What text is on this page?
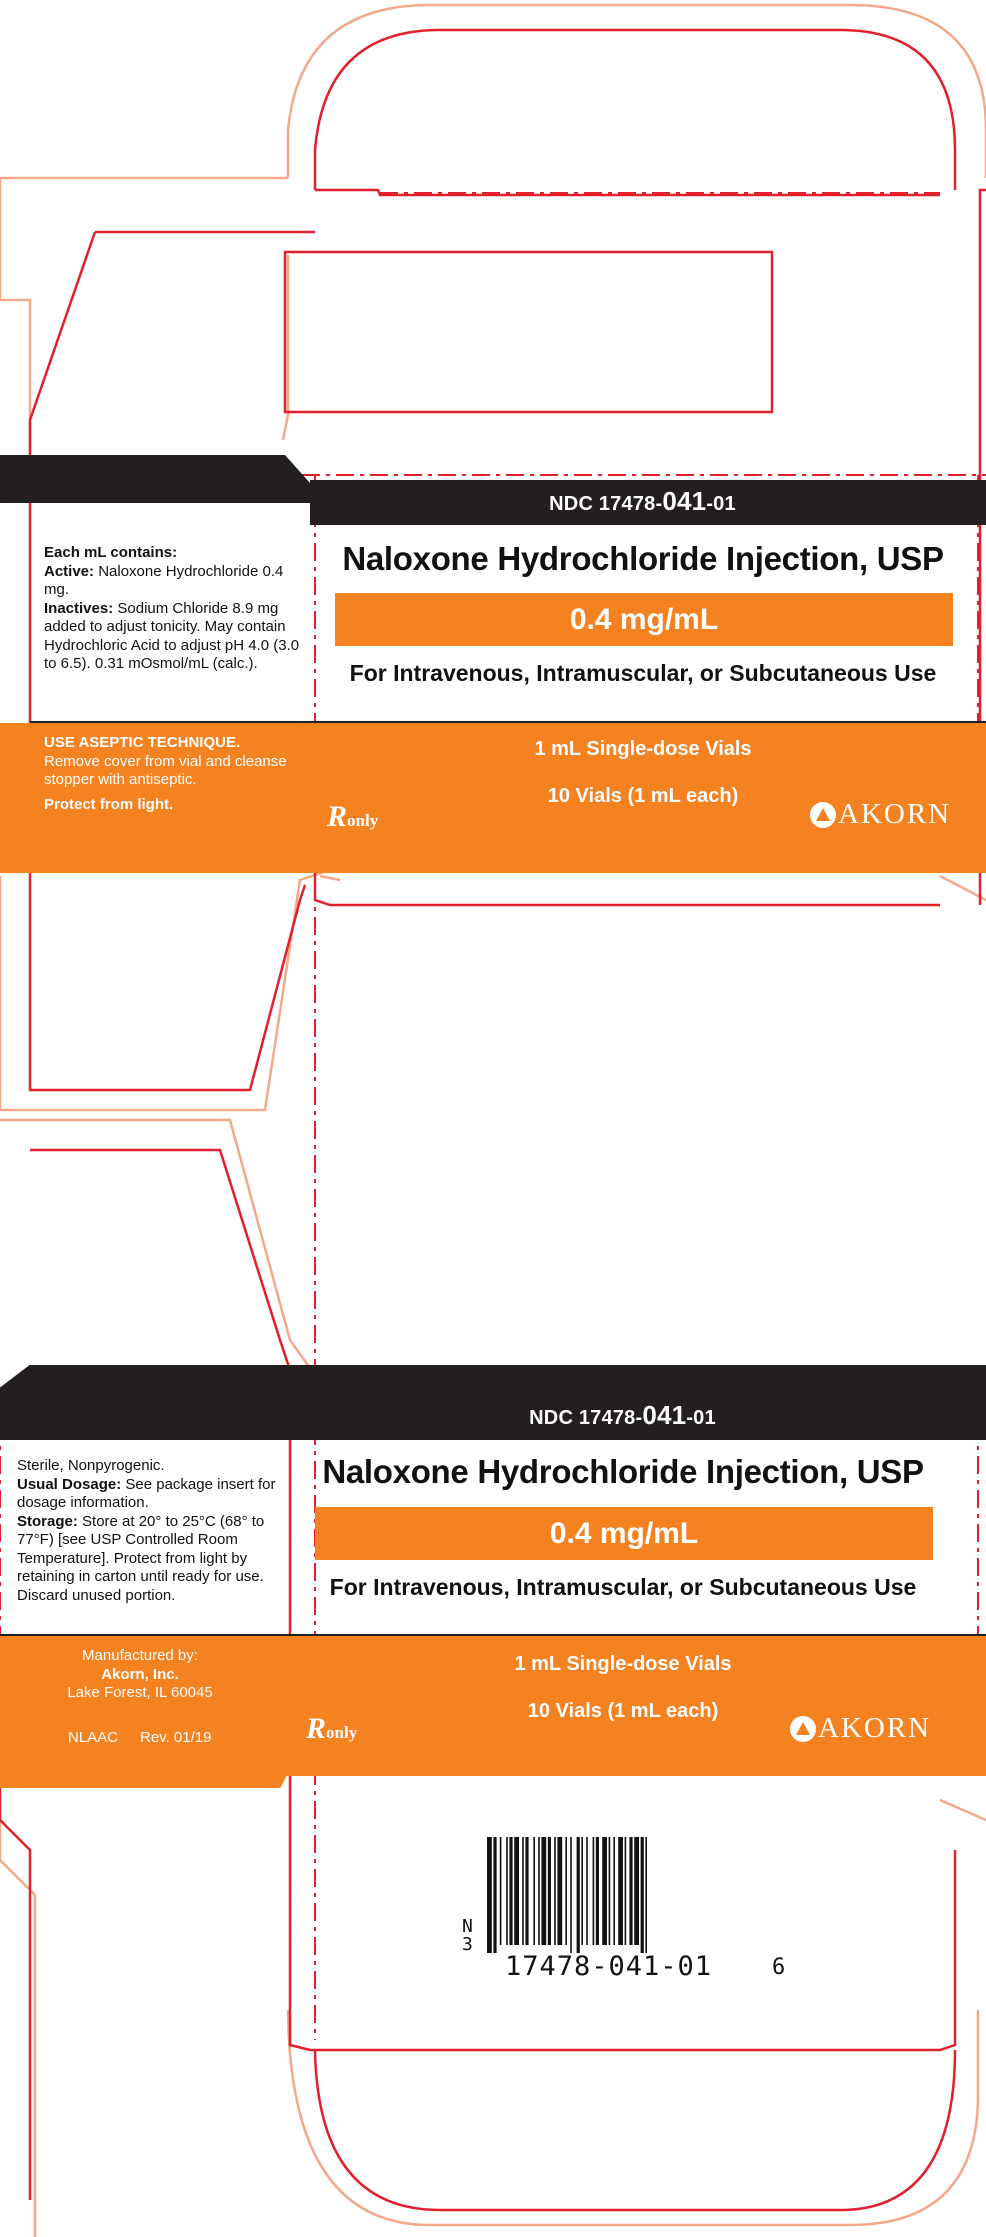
NDC 17478-041-01
Naloxone Hydrochloride Injection, USP
0.4 mg/mL
For Intravenous, Intramuscular, or Subcutaneous Use
1 mL Single-dose Vials
10 Vials (1 mL each)
Ronly	AKORN
Each mL contains:
Active: Naloxone Hydrochloride 0.4 mg.
Inactives: Sodium Chloride 8.9 mg added to adjust tonicity. May contain Hydrochloric Acid to adjust pH 4.0 (3.0 to 6.5). 0.31 mOsmol/mL (calc.).
USE ASEPTIC TECHNIQUE.
Remove cover from vial and cleanse stopper with antiseptic.
Protect from light.
NDC 17478-041-01
Naloxone Hydrochloride Injection, USP
0.4 mg/mL
For Intravenous, Intramuscular, or Subcutaneous Use
1 mL Single-dose Vials
10 Vials (1 mL each)
Ronly	AKORN
Sterile, Nonpyrogenic.
Usual Dosage: See package insert for dosage information.
Storage: Store at 20° to 25°C (68° to 77°F) [see USP Controlled Room Temperature]. Protect from light by retaining in carton until ready for use. Discard unused portion.
Manufactured by:
Akorn, Inc.
Lake Forest, IL 60045
NLAAC Rev. 01/19
N
3
17478-041-01	6
